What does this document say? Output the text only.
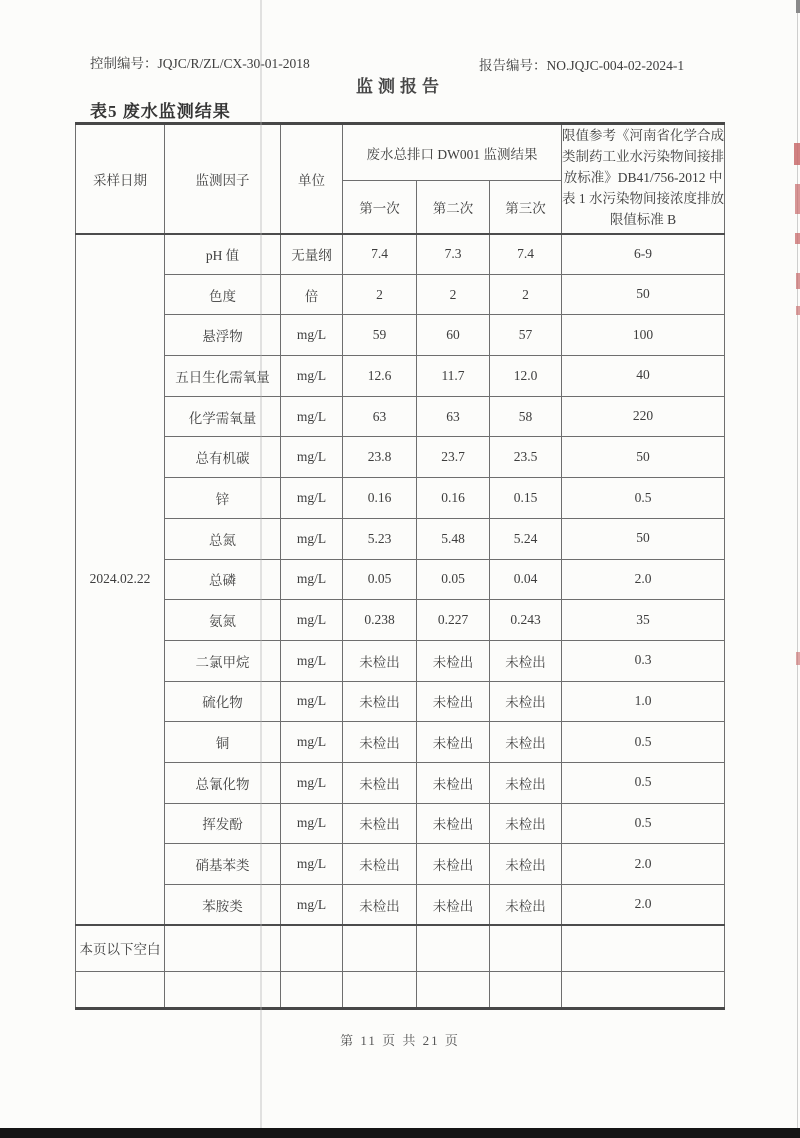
控制编号：JQJC/R/ZL/CX-30-01-2018	报告编号：NO.JQJC-004-02-2024-1
监测报告
表5 废水监测结果
采样日期	监测因子	单位	废水总排口 DW001 监测结果			限值参考《河南省化学合成类制药工业水污染物间接排放标准》DB41/756-2012 中表 1 水污染物间接浓度排放限值标准 B
			第一次	第二次	第三次	
2024.02.22	pH 值	无量纲	7.4	7.3	7.4	6-9
	色度	倍	2	2	2	50
	悬浮物	mg/L	59	60	57	100
	五日生化需氧量	mg/L	12.6	11.7	12.0	40
	化学需氧量	mg/L	63	63	58	220
	总有机碳	mg/L	23.8	23.7	23.5	50
	锌	mg/L	0.16	0.16	0.15	0.5
	总氮	mg/L	5.23	5.48	5.24	50
	总磷	mg/L	0.05	0.05	0.04	2.0
	氨氮	mg/L	0.238	0.227	0.243	35
	二氯甲烷	mg/L	未检出	未检出	未检出	0.3
	硫化物	mg/L	未检出	未检出	未检出	1.0
	铜	mg/L	未检出	未检出	未检出	0.5
	总氰化物	mg/L	未检出	未检出	未检出	0.5
	挥发酚	mg/L	未检出	未检出	未检出	0.5
	硝基苯类	mg/L	未检出	未检出	未检出	2.0
	苯胺类	mg/L	未检出	未检出	未检出	2.0
本页以下空白						

第 11 页 共 21 页
